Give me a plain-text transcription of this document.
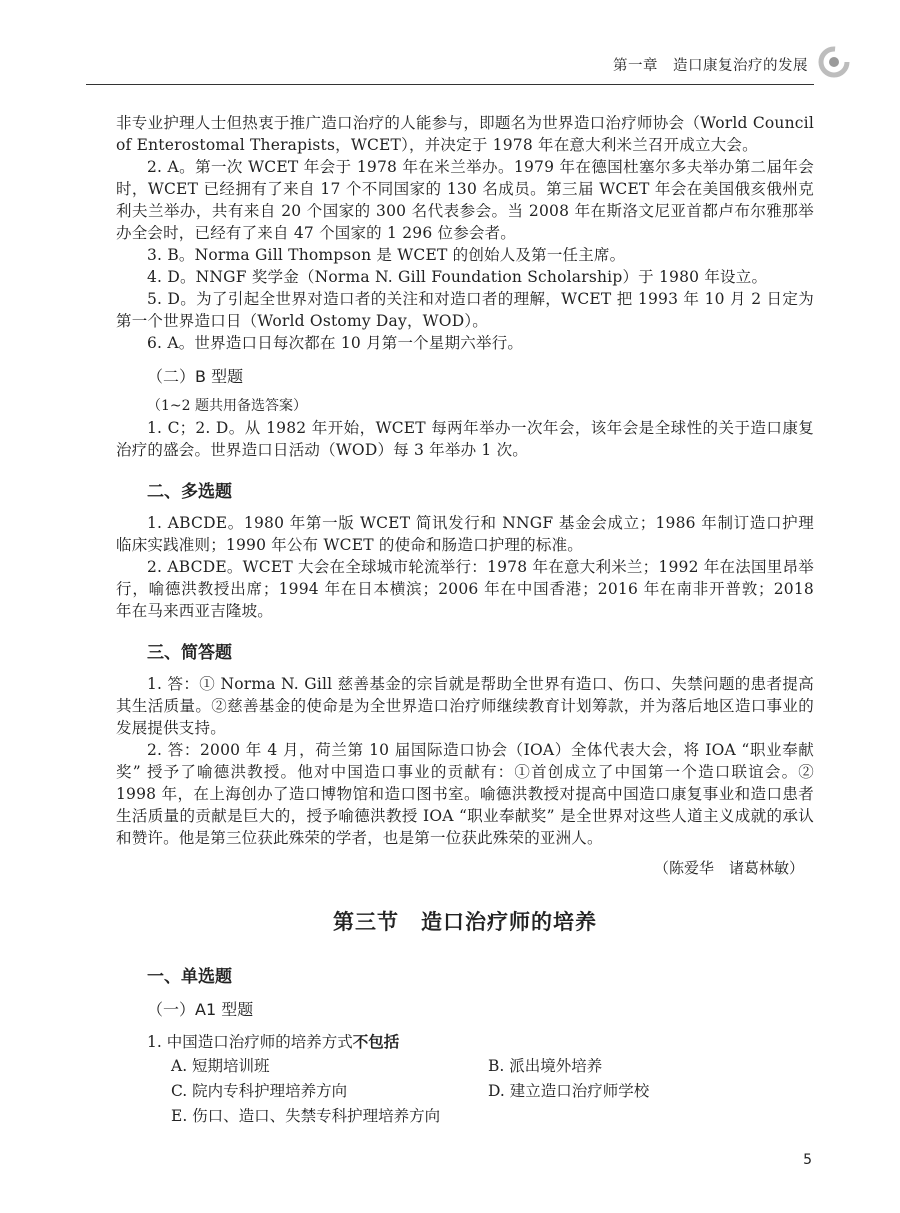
第一章　造口康复治疗的发展

非专业护理人士但热衷于推广造口治疗的人能参与，即题名为世界造口治疗师协会（World Council of Enterostomal Therapists，WCET），并决定于 1978 年在意大利米兰召开成立大会。

2. A。第一次 WCET 年会于 1978 年在米兰举办。1979 年在德国杜塞尔多夫举办第二届年会时，WCET 已经拥有了来自 17 个不同国家的 130 名成员。第三届 WCET 年会在美国俄亥俄州克利夫兰举办，共有来自 20 个国家的 300 名代表参会。当 2008 年在斯洛文尼亚首都卢布尔雅那举办全会时，已经有了来自 47 个国家的 1 296 位参会者。

3. B。Norma Gill Thompson 是 WCET 的创始人及第一任主席。

4. D。NNGF 奖学金（Norma N. Gill Foundation Scholarship）于 1980 年设立。

5. D。为了引起全世界对造口者的关注和对造口者的理解，WCET 把 1993 年 10 月 2 日定为第一个世界造口日（World Ostomy Day，WOD）。

6. A。世界造口日每次都在 10 月第一个星期六举行。

（二）B 型题
（1~2 题共用备选答案）

1. C；2. D。从 1982 年开始，WCET 每两年举办一次年会，该年会是全球性的关于造口康复治疗的盛会。世界造口日活动（WOD）每 3 年举办 1 次。

二、多选题

1. ABCDE。1980 年第一版 WCET 简讯发行和 NNGF 基金会成立；1986 年制订造口护理临床实践准则；1990 年公布 WCET 的使命和肠造口护理的标准。

2. ABCDE。WCET 大会在全球城市轮流举行：1978 年在意大利米兰；1992 年在法国里昂举行，喻德洪教授出席；1994 年在日本横滨；2006 年在中国香港；2016 年在南非开普敦；2018 年在马来西亚吉隆坡。

三、简答题

1. 答：① Norma N. Gill 慈善基金的宗旨就是帮助全世界有造口、伤口、失禁问题的患者提高其生活质量。②慈善基金的使命是为全世界造口治疗师继续教育计划筹款，并为落后地区造口事业的发展提供支持。

2. 答：2000 年 4 月，荷兰第 10 届国际造口协会（IOA）全体代表大会，将 IOA “职业奉献奖” 授予了喻德洪教授。他对中国造口事业的贡献有：①首创成立了中国第一个造口联谊会。② 1998 年，在上海创办了造口博物馆和造口图书室。喻德洪教授对提高中国造口康复事业和造口患者生活质量的贡献是巨大的，授予喻德洪教授 IOA “职业奉献奖” 是全世界对这些人道主义成就的承认和赞许。他是第三位获此殊荣的学者，也是第一位获此殊荣的亚洲人。

（陈爱华　诸葛林敏）
第三节　造口治疗师的培养
一、单选题
（一）A1 型题
1. 中国造口治疗师的培养方式不包括
A. 短期培训班	B. 派出境外培养
C. 院内专科护理培养方向	D. 建立造口治疗师学校
E. 伤口、造口、失禁专科护理培养方向
5
